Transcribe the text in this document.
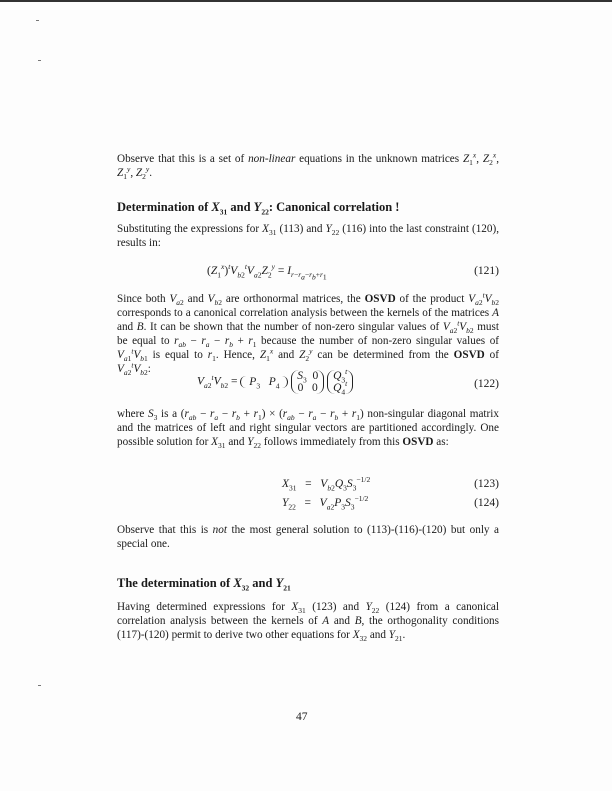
Observe that this is a set of non-linear equations in the unknown matrices $Z_1^x$, $Z_2^x$, $Z_1^y$, $Z_2^y$.
Determination of $X_{31}$ and $Y_{22}$: Canonical correlation !
Substituting the expressions for $X_{31}$ (113) and $Y_{22}$ (116) into the last constraint (120), results in:
$(Z_1^x)^tV_{b2}^tV_{a2}Z_2^y = I_{r-r_a-r_b+r_1}$
(121)
Since both $V_{a2}$ and $V_{b2}$ are orthonormal matrices, the OSVD of the product $V_{a2}^tV_{b2}$ corresponds to a canonical correlation analysis between the kernels of the matrices A and B. It can be shown that the number of non-zero singular values of $V_{a2}^tV_{b2}$ must be equal to $r_{ab} - r_a - r_b + r_1$ because the number of non-zero singular values of $V_{a1}^tV_{b1}$ is equal to $r_1$. Hence, $Z_1^x$ and $Z_2^y$ can be determined from the OSVD of $V_{a2}^tV_{b2}$:
$V_{a2}^tV_{b2} = P_3$ $P_4$  $S_3$  0
0   0 $Q_3^t$
$Q_4^t$	(122)
where $S_3$ is a $(r_{ab} - r_a - r_b + r_1) \times (r_{ab} - r_a - r_b + r_1)$ non-singular diagonal matrix and the matrices of left and right singular vectors are partitioned accordingly. One possible solution for $X_{31}$ and $Y_{22}$ follows immediately from this OSVD as:
$X_{31} = V_{b2}Q_3S_3^{-1/2}$	(123)
$Y_{22} = V_{a2}P_3S_3^{-1/2}$	(124)
Observe that this is not the most general solution to (113)-(116)-(120) but only a special one.
The determination of $X_{32}$ and $Y_{21}$
Having determined expressions for $X_{31}$ (123) and $Y_{22}$ (124) from a canonical correlation analysis between the kernels of A and B, the orthogonality conditions (117)-(120) permit to derive two other equations for $X_{32}$ and $Y_{21}$.
47
